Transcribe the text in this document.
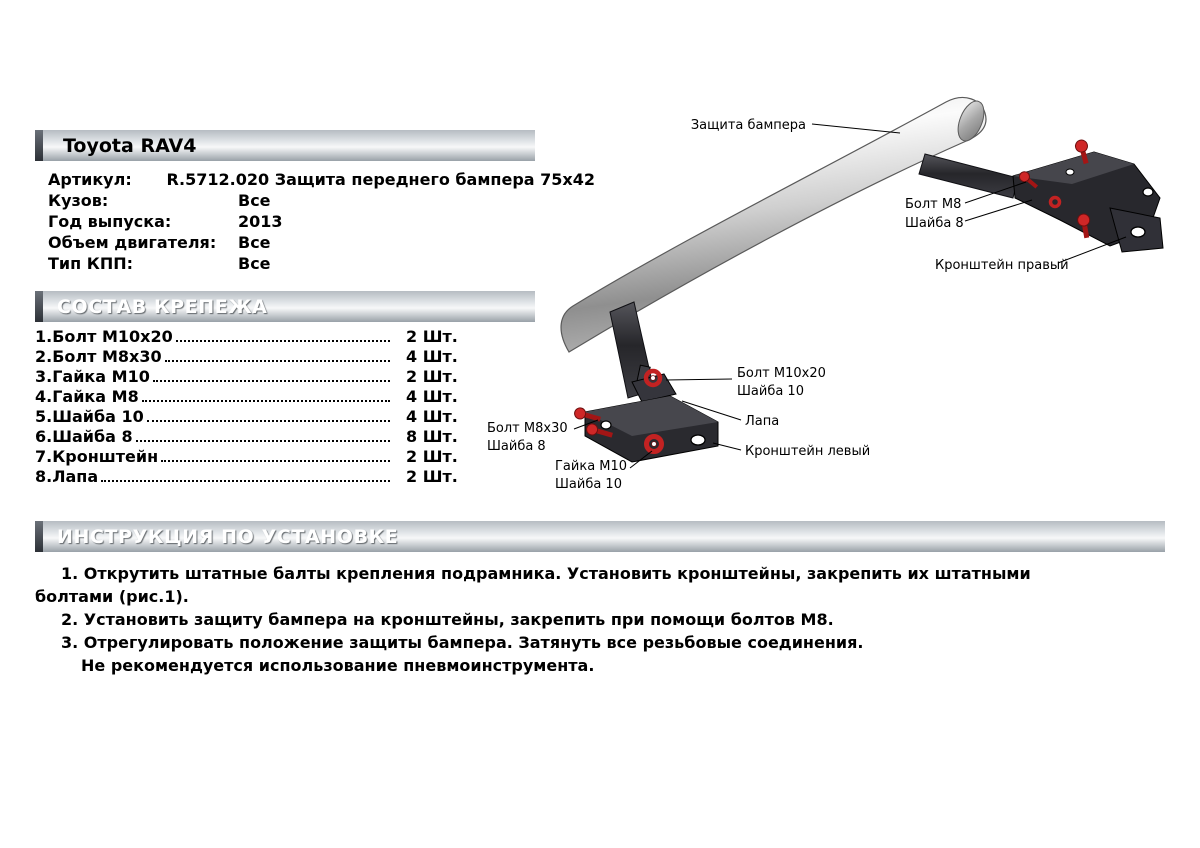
Toyota RAV4
Артикул:	R.5712.020 Защита переднего бампера 75х42
Кузов:	Все
Год выпуска:	2013
Объем двигателя:	Все
Тип КПП:	Все
СОСТАВ КРЕПЕЖА
1.Болт М10х20	2 Шт.
2.Болт М8х30	4 Шт.
3.Гайка М10	2 Шт.
4.Гайка М8	4 Шт.
5.Шайба 10	4 Шт.
6.Шайба 8	8 Шт.
7.Кронштейн	2 Шт.
8.Лапа	2 Шт.
Защита бампера
Болт М8
Шайба 8
Кронштейн правый
Болт М10х20
Шайба 10
Лапа
Болт М8х30
Шайба 8	Кронштейн левый
Гайка М10
Шайба 10
ИНСТРУКЦИЯ ПО УСТАНОВКЕ

1. Открутить штатные балты крепления подрамника. Установить кронштейны, закрепить их штатными болтами (рис.1).

2. Установить защиту бампера на кронштейны, закрепить при помощи болтов М8.

3. Отрегулировать положение защиты бампера. Затянуть все резьбовые соединения.

Не рекомендуется использование пневмоинструмента.
